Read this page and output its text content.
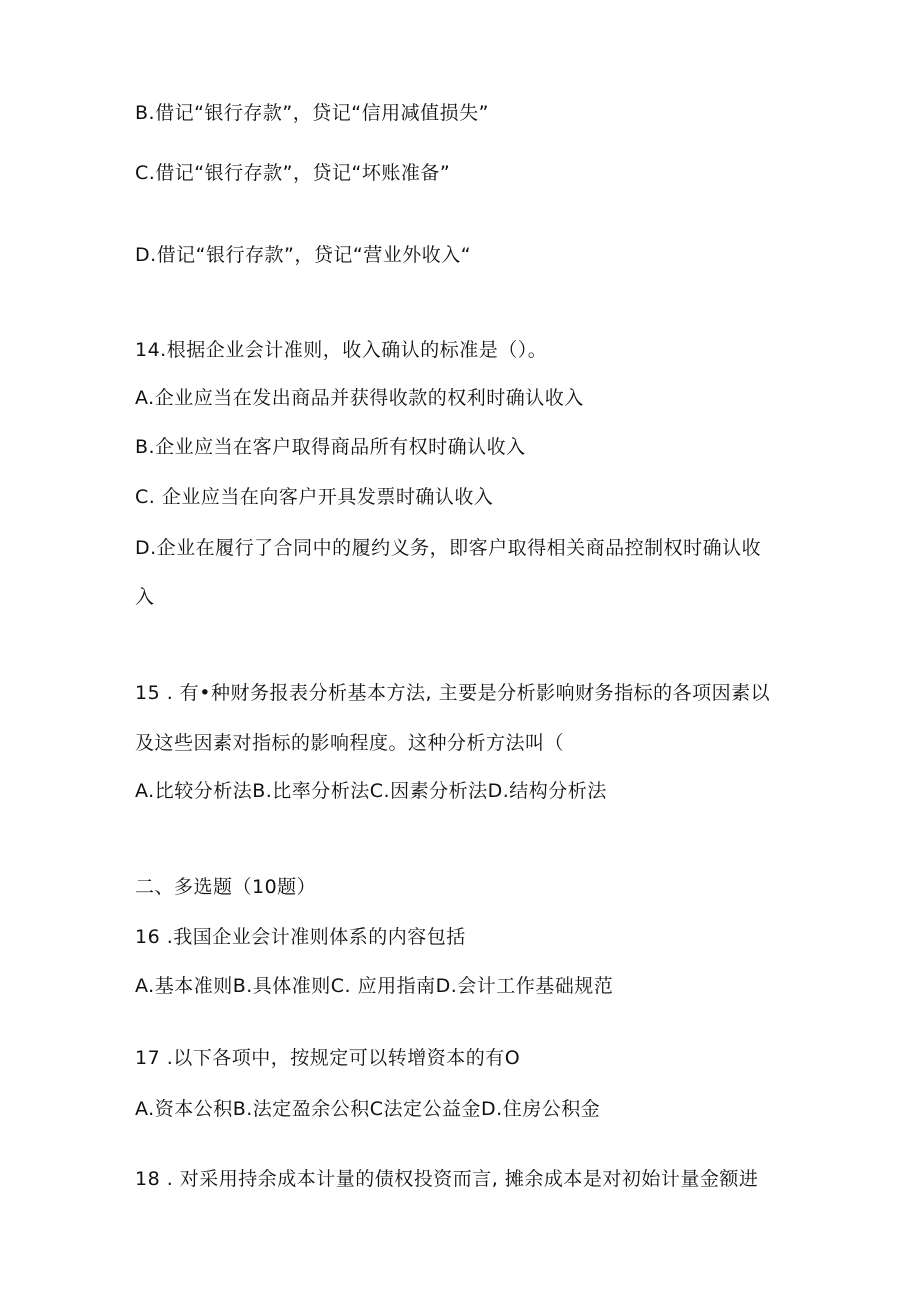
B.借记“银行存款”，贷记“信用减值损失”
C.借记“银行存款”，贷记“坏账准备”
D.借记“银行存款”，贷记“营业外收入“
14.根据企业会计准则，收入确认的标准是（）。
A.企业应当在发出商品并获得收款的权利时确认收入
B.企业应当在客户取得商品所有权时确认收入
C. 企业应当在向客户开具发票时确认收入
D.企业在履行了合同中的履约义务，即客户取得相关商品控制权时确认收
入
15 . 有•种财务报表分析基本方法, 主要是分析影响财务指标的各项因素以
及这些因素对指标的影响程度。这种分析方法叫（
A.比较分析法B.比率分析法C.因素分析法D.结构分析法
二、多选题（10题）
16 .我国企业会计准则体系的内容包括
A.基本准则B.具体准则C. 应用指南D.会计工作基础规范
17 .以下各项中，按规定可以转增资本的有O
A.资本公积B.法定盈余公积C法定公益金D.住房公积金
18 . 对采用持余成本计量的债权投资而言, 摊余成本是对初始计量金额进
